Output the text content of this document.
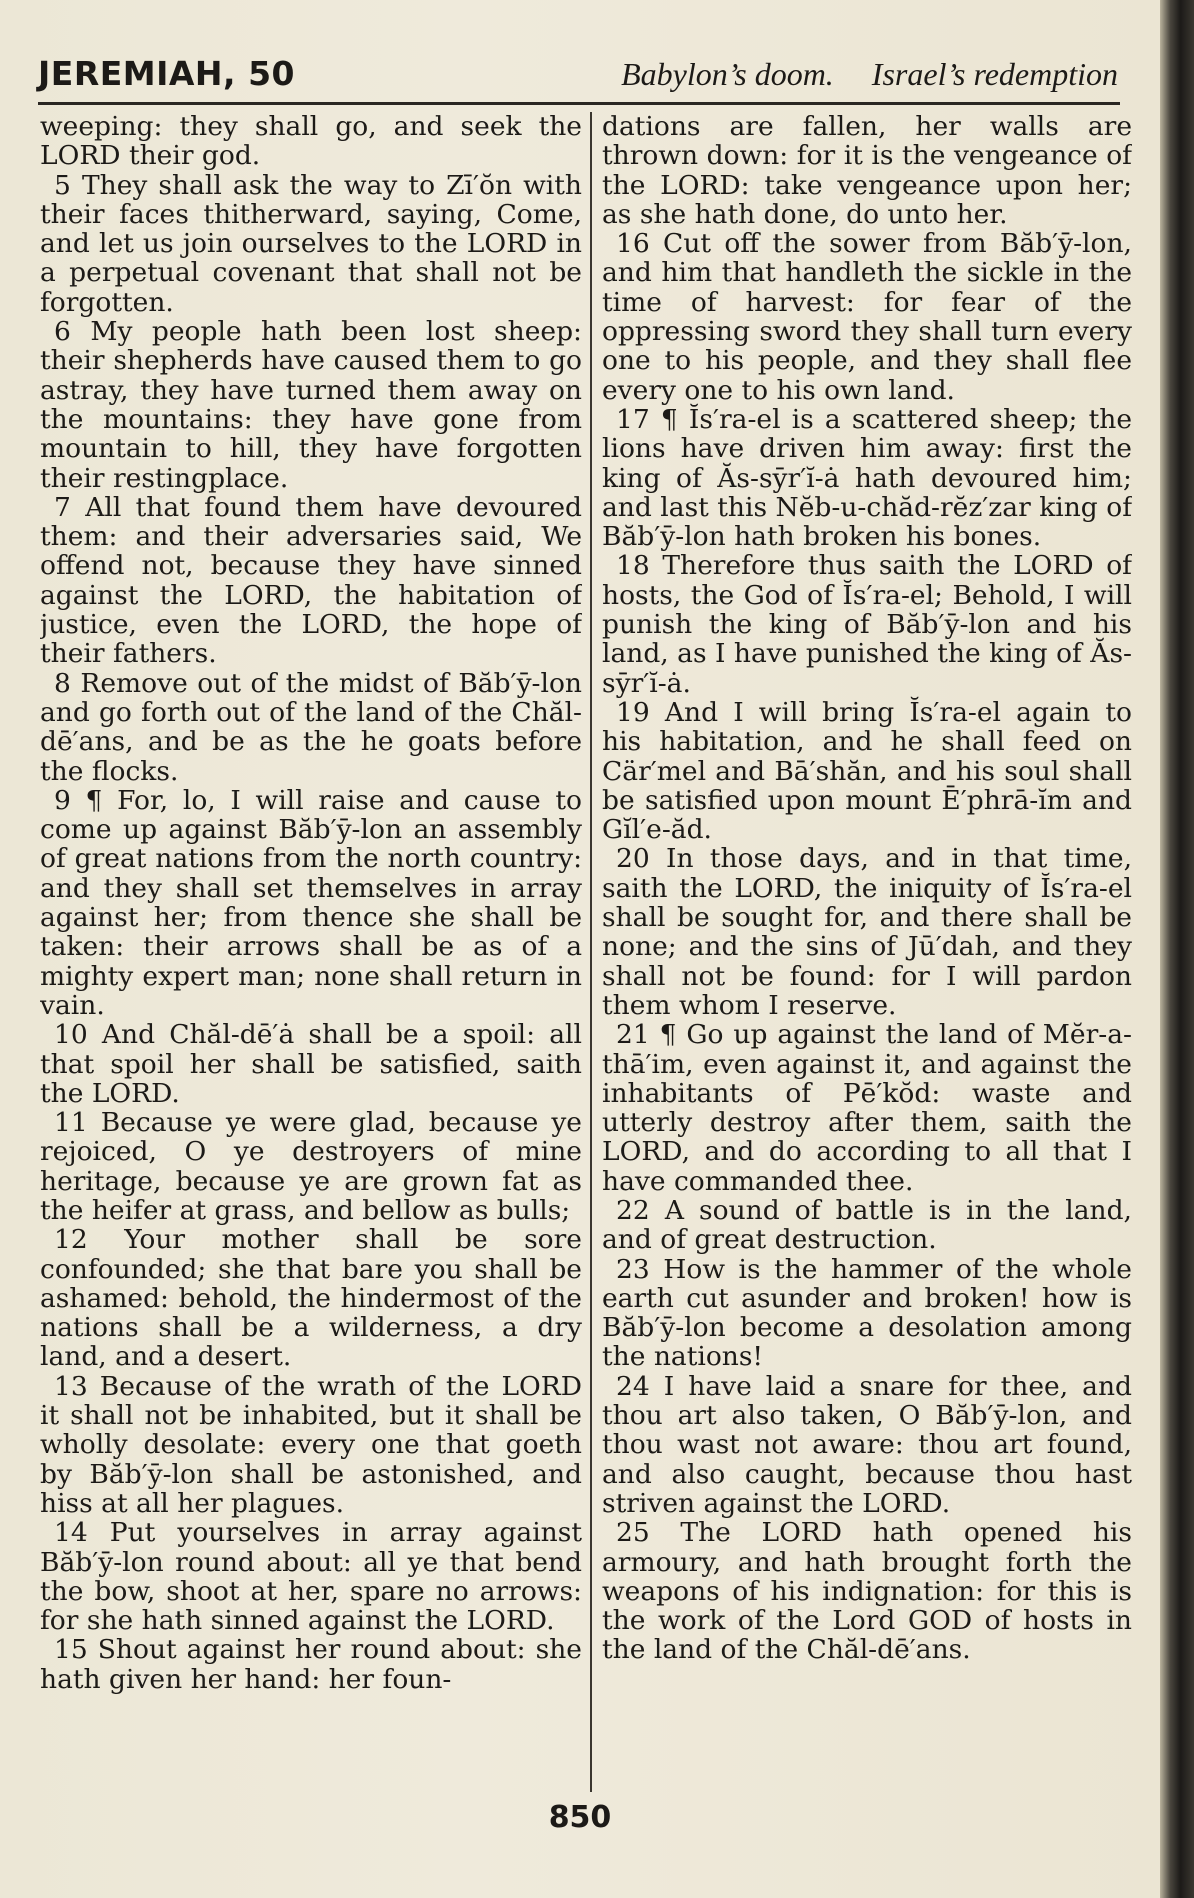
JEREMIAH, 50	Babylon’s doom. Israel’s redemption

weeping: they shall go, and seek the LORD their god.

5 They shall ask the way to Zī′ŏn with their faces thitherward, saying, Come, and let us join ourselves to the LORD in a perpetual covenant that shall not be forgotten.

6 My people hath been lost sheep: their shepherds have caused them to go astray, they have turned them away on the mountains: they have gone from mountain to hill, they have forgotten their restingplace.

7 All that found them have devoured them: and their adversaries said, We offend not, because they have sinned against the LORD, the habitation of justice, even the LORD, the hope of their fathers.

8 Remove out of the midst of Băb′ȳ-lon and go forth out of the land of the Chăl-dē′ans, and be as the he goats before the flocks.

9 ¶ For, lo, I will raise and cause to come up against Băb′ȳ-lon an assembly of great nations from the north country: and they shall set themselves in array against her; from thence she shall be taken: their arrows shall be as of a mighty expert man; none shall return in vain.

10 And Chăl-dē′ȧ shall be a spoil: all that spoil her shall be satisfied, saith the LORD.

11 Because ye were glad, because ye rejoiced, O ye destroyers of mine heritage, because ye are grown fat as the heifer at grass, and bellow as bulls;

12 Your mother shall be sore confounded; she that bare you shall be ashamed: behold, the hindermost of the nations shall be a wilderness, a dry land, and a desert.

13 Because of the wrath of the LORD it shall not be inhabited, but it shall be wholly desolate: every one that goeth by Băb′ȳ-lon shall be astonished, and hiss at all her plagues.

14 Put yourselves in array against Băb′ȳ-lon round about: all ye that bend the bow, shoot at her, spare no arrows: for she hath sinned against the LORD.

15 Shout against her round about: she hath given her hand: her foun-

dations are fallen, her walls are thrown down: for it is the vengeance of the LORD: take vengeance upon her; as she hath done, do unto her.

16 Cut off the sower from Băb′ȳ-lon, and him that handleth the sickle in the time of harvest: for fear of the oppressing sword they shall turn every one to his people, and they shall flee every one to his own land.

17 ¶ Ĭs′ra-el is a scattered sheep; the lions have driven him away: first the king of Ăs-sȳr′ĭ-ȧ hath devoured him; and last this Nĕb-u-chăd-rĕz′zar king of Băb′ȳ-lon hath broken his bones.

18 Therefore thus saith the LORD of hosts, the God of Ĭs′ra-el; Behold, I will punish the king of Băb′ȳ-lon and his land, as I have punished the king of Ăs-sȳr′ĭ-ȧ.

19 And I will bring Ĭs′ra-el again to his habitation, and he shall feed on Cär′mel and Bā′shăn, and his soul shall be satisfied upon mount Ē′phrā-ĭm and Gĭl′e-ăd.

20 In those days, and in that time, saith the LORD, the iniquity of Ĭs′ra-el shall be sought for, and there shall be none; and the sins of Jū′dah, and they shall not be found: for I will pardon them whom I reserve.

21 ¶ Go up against the land of Mĕr-a-thā′im, even against it, and against the inhabitants of Pē′kŏd: waste and utterly destroy after them, saith the LORD, and do according to all that I have commanded thee.

22 A sound of battle is in the land, and of great destruction.

23 How is the hammer of the whole earth cut asunder and broken! how is Băb′ȳ-lon become a desolation among the nations!

24 I have laid a snare for thee, and thou art also taken, O Băb′ȳ-lon, and thou wast not aware: thou art found, and also caught, because thou hast striven against the LORD.

25 The LORD hath opened his armoury, and hath brought forth the weapons of his indignation: for this is the work of the Lord GOD of hosts in the land of the Chăl-dē′ans.

850
